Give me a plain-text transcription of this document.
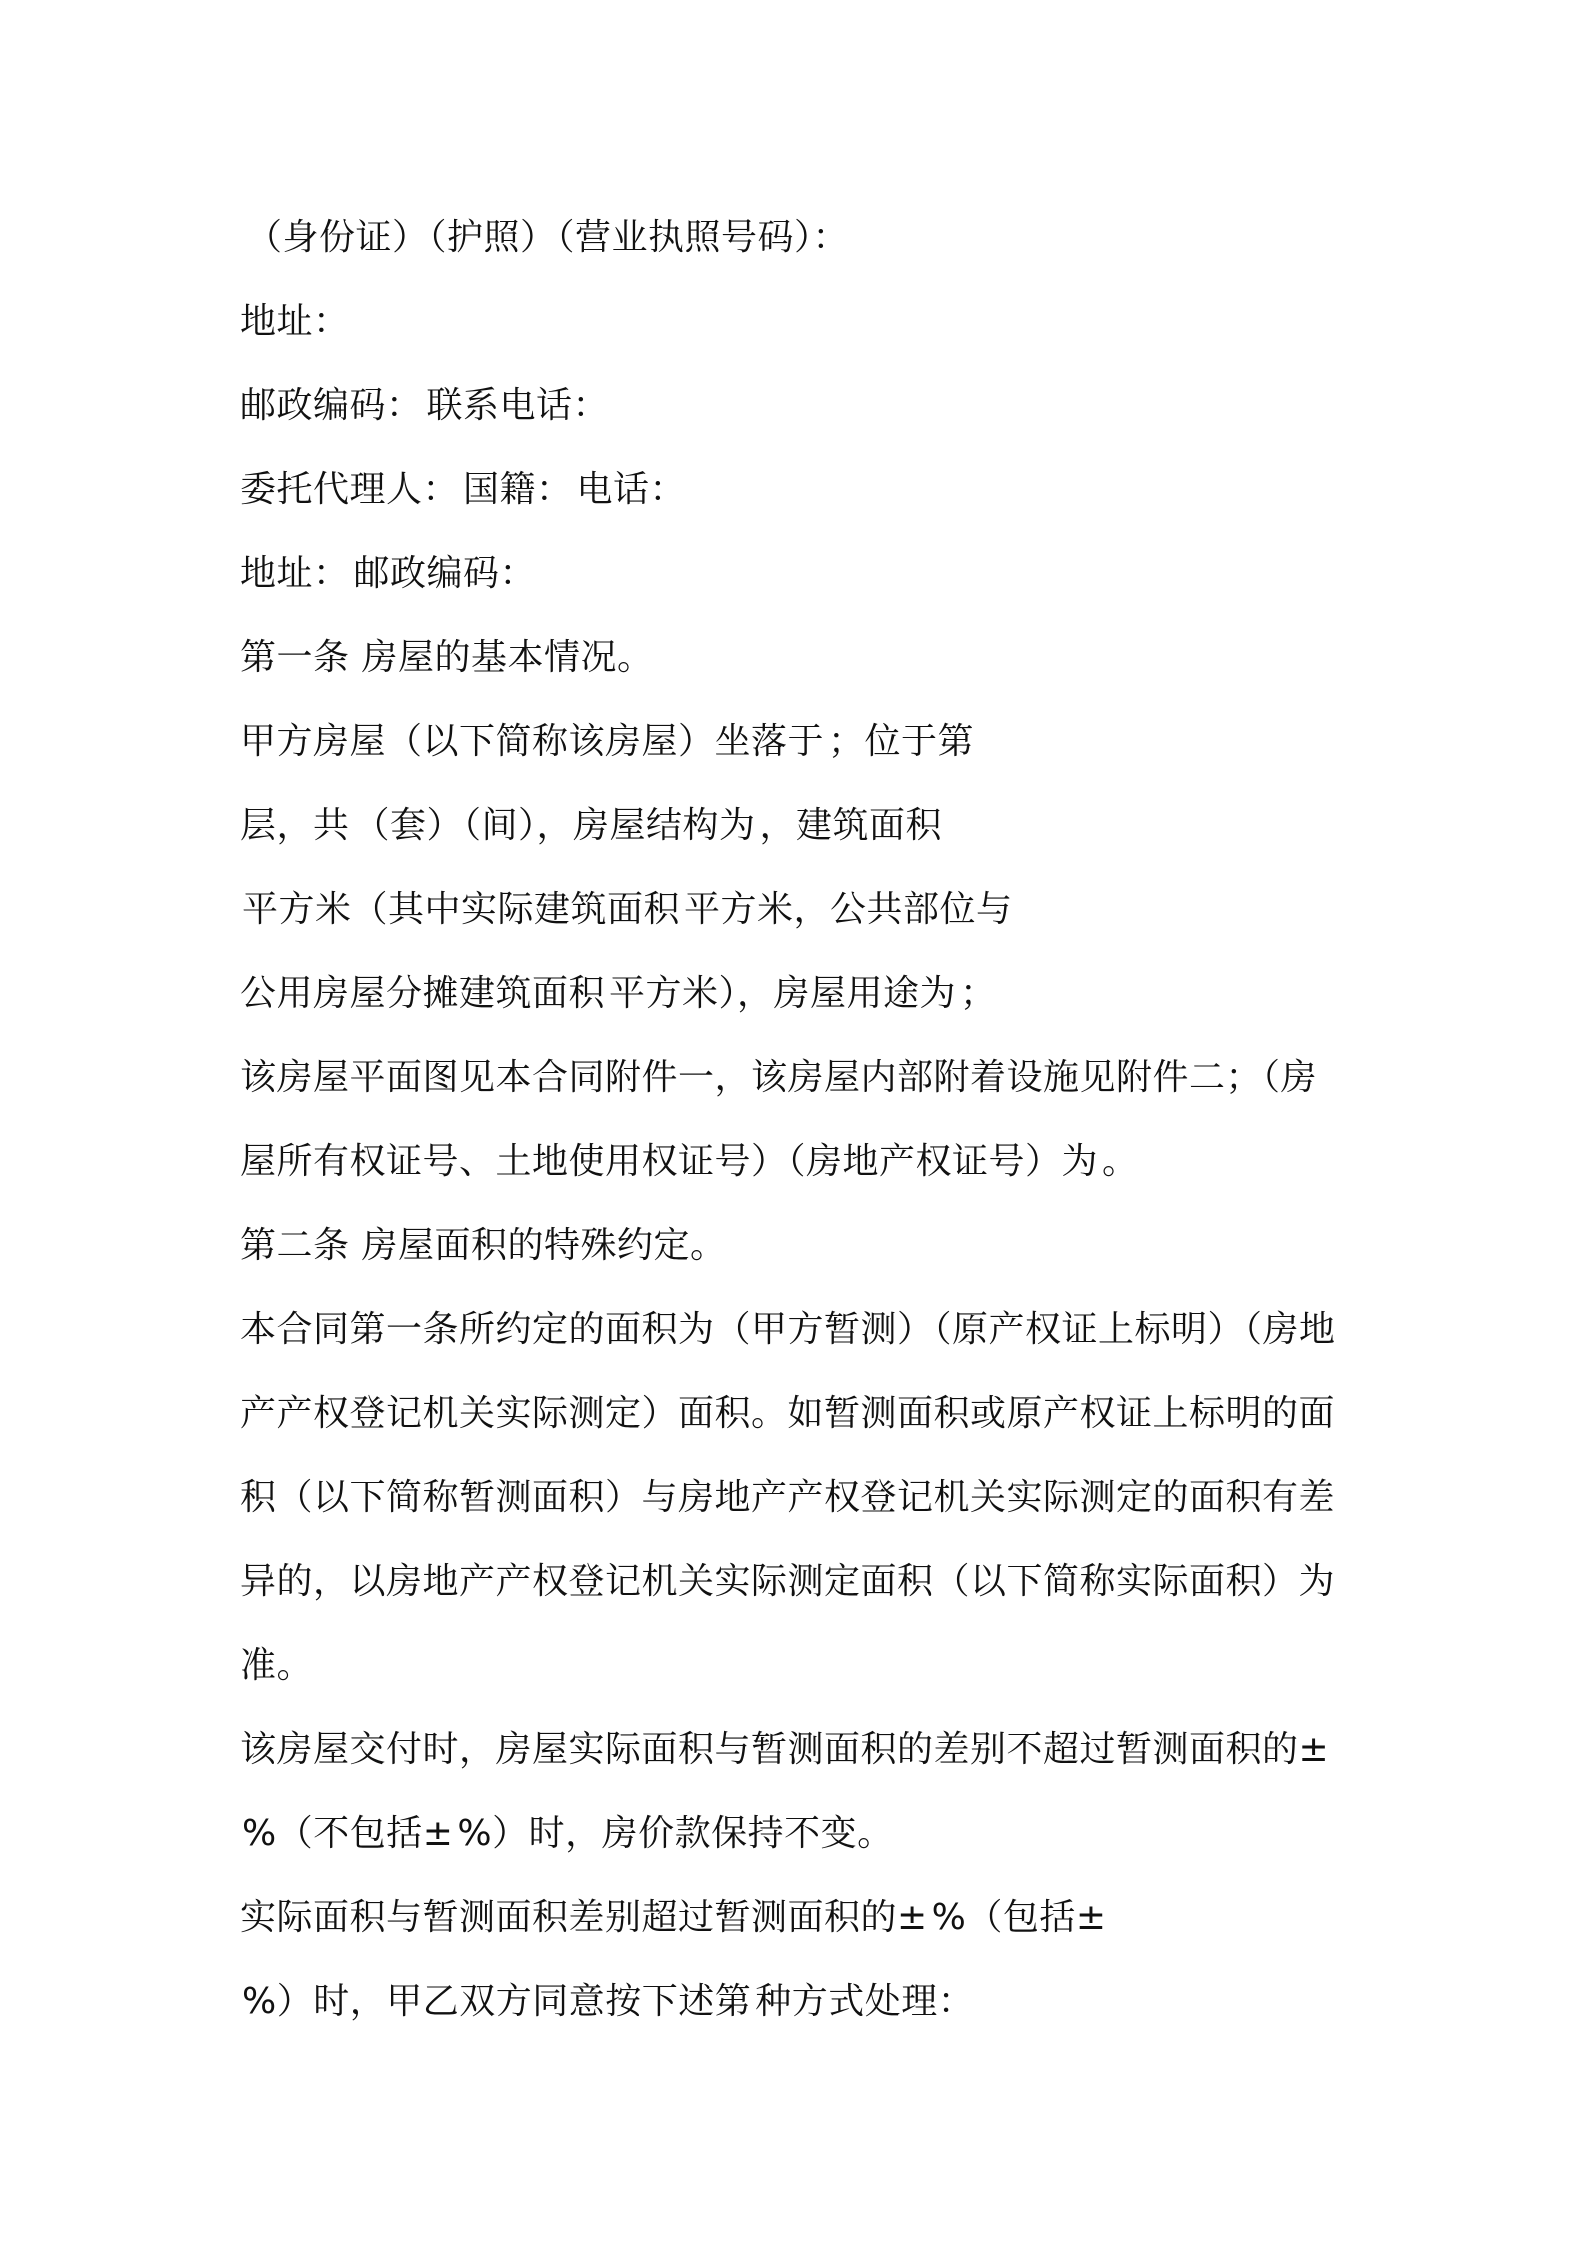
（身份证）（护照）（营业执照号码）：
地址：
邮政编码： 联系电话：
委托代理人： 国籍： 电话：
地址： 邮政编码：
第一条 房屋的基本情况。
甲方房屋（以下简称该房屋）坐落于 ；位于第
层，共 （套）（间），房屋结构为 ，建筑面积
平方米（其中实际建筑面积 平方米，公共部位与
公用房屋分摊建筑面积 平方米），房屋用途为 ；
该房屋平面图见本合同附件一，该房屋内部附着设施见附件二；（房
屋所有权证号、土地使用权证号）（房地产权证号）为 。
第二条 房屋面积的特殊约定。
本合同第一条所约定的面积为（甲方暂测）（原产权证上标明）（房地
产产权登记机关实际测定）面积。如暂测面积或原产权证上标明的面
积（以下简称暂测面积）与房地产产权登记机关实际测定的面积有差
异的，以房地产产权登记机关实际测定面积（以下简称实际面积）为
准。
该房屋交付时，房屋实际面积与暂测面积的差别不超过暂测面积的±
%（不包括± %）时，房价款保持不变。
实际面积与暂测面积差别超过暂测面积的± %（包括±
%）时，甲乙双方同意按下述第 种方式处理：
